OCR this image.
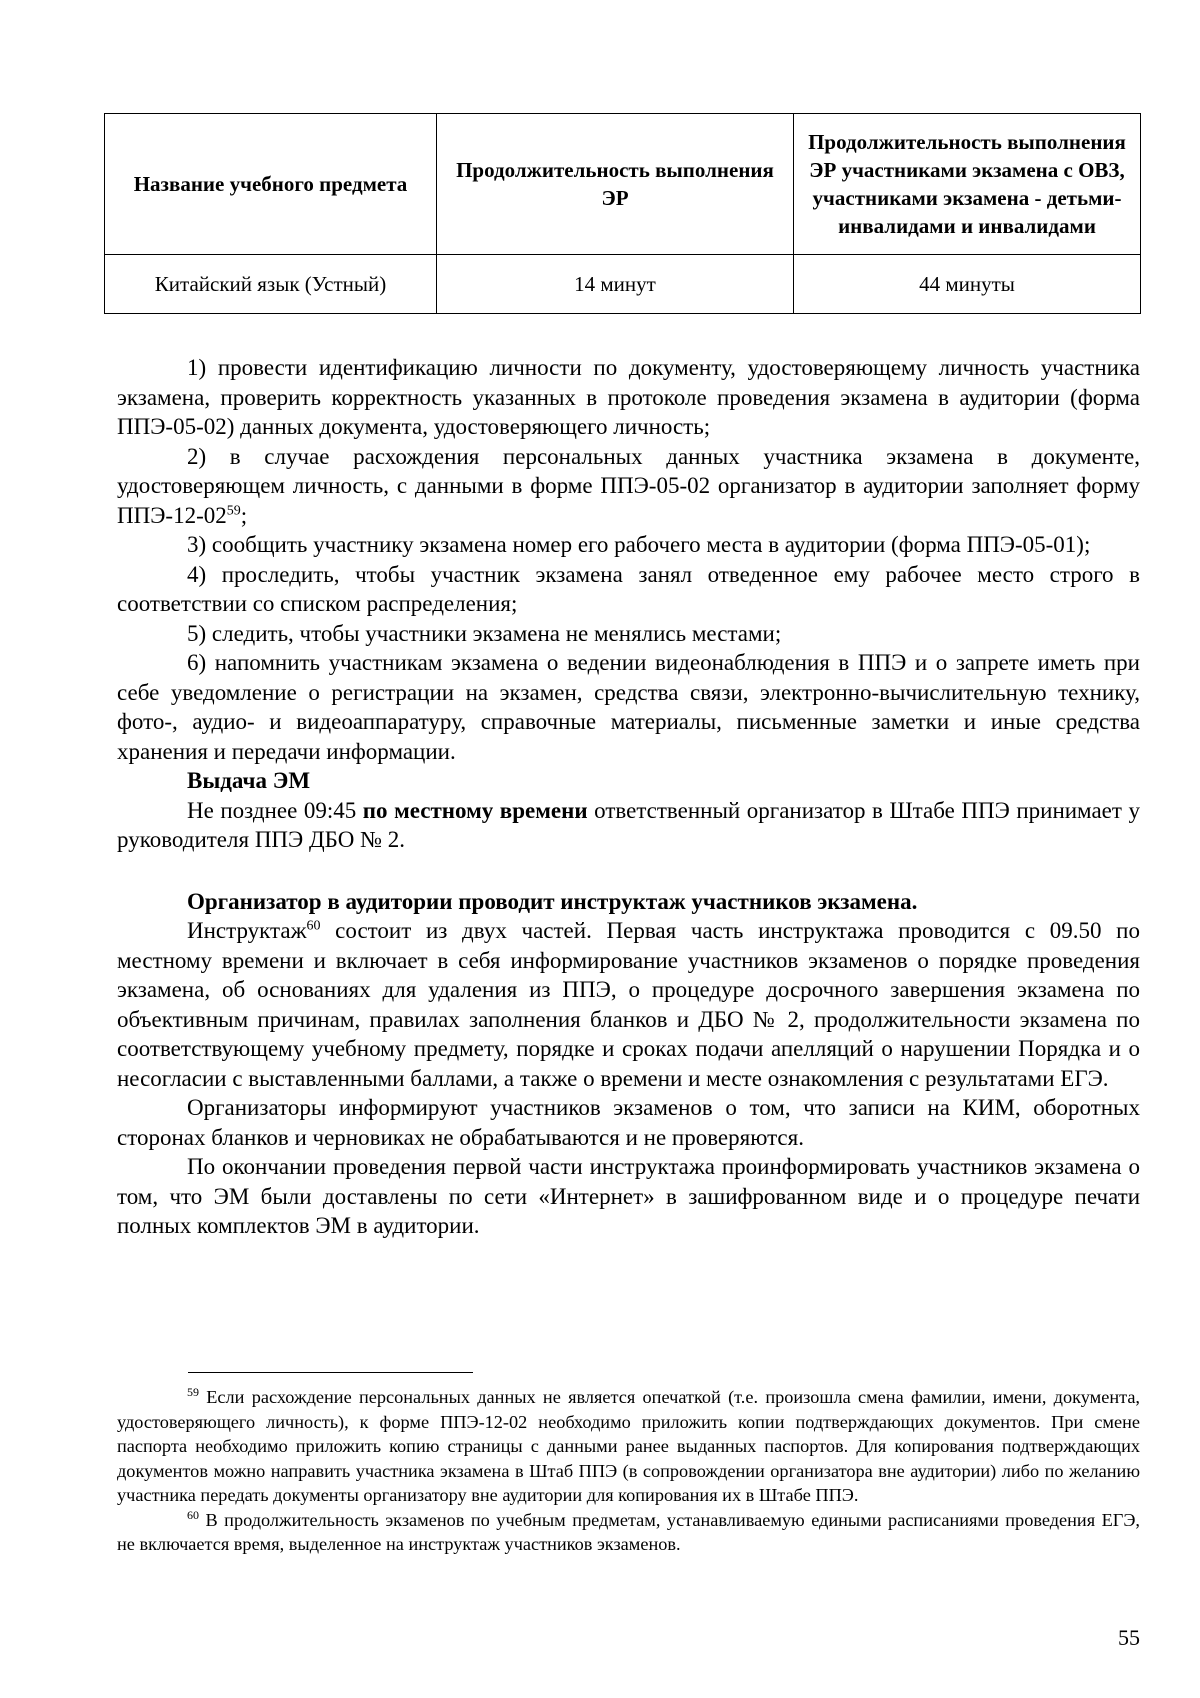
Название учебного предмета	Продолжительность выполнения ЭР	Продолжительность выполнения ЭР участниками экзамена с ОВЗ, участниками экзамена - детьми-инвалидами и инвалидами
Китайский язык (Устный)	14 минут	44 минуты

1) провести идентификацию личности по документу, удостоверяющему личность участника экзамена, проверить корректность указанных в протоколе проведения экзамена в аудитории (форма ППЭ-05-02) данных документа, удостоверяющего личность;

2) в случае расхождения персональных данных участника экзамена в документе, удостоверяющем личность, с данными в форме ППЭ-05-02 организатор в аудитории заполняет форму ППЭ-$12-02^{59}$;

3) сообщить участнику экзамена номер его рабочего места в аудитории (форма ППЭ-05-01);

4) проследить, чтобы участник экзамена занял отведенное ему рабочее место строго в соответствии со списком распределения;

5) следить, чтобы участники экзамена не менялись местами;

6) напомнить участникам экзамена о ведении видеонаблюдения в ППЭ и о запрете иметь при себе уведомление о регистрации на экзамен, средства связи, электронно-вычислительную технику, фото-, аудио- и видеоаппаратуру, справочные материалы, письменные заметки и иные средства хранения и передачи информации.

Выдача ЭМ

Не позднее 09:45 по местному времени ответственный организатор в Штабе ППЭ принимает у руководителя ППЭ ДБО № 2.

Организатор в аудитории проводит инструктаж участников экзамена.

Инструктаж$^{60}$ состоит из двух частей. Первая часть инструктажа проводится с 09.50 по местному времени и включает в себя информирование участников экзаменов о порядке проведения экзамена, об основаниях для удаления из ППЭ, о процедуре досрочного завершения экзамена по объективным причинам, правилах заполнения бланков и ДБО № 2, продолжительности экзамена по соответствующему учебному предмету, порядке и сроках подачи апелляций о нарушении Порядка и о несогласии с выставленными баллами, а также о времени и месте ознакомления с результатами ЕГЭ.

Организаторы информируют участников экзаменов о том, что записи на КИМ, оборотных сторонах бланков и черновиках не обрабатываются и не проверяются.

По окончании проведения первой части инструктажа проинформировать участников экзамена о том, что ЭМ были доставлены по сети «Интернет» в зашифрованном виде и о процедуре печати полных комплектов ЭМ в аудитории.

$^{59}$ Если расхождение персональных данных не является опечаткой (т.е. произошла смена фамилии, имени, документа, удостоверяющего личность), к форме ППЭ-12-02 необходимо приложить копии подтверждающих документов. При смене паспорта необходимо приложить копию страницы с данными ранее выданных паспортов. Для копирования подтверждающих документов можно направить участника экзамена в Штаб ППЭ (в сопровождении организатора вне аудитории) либо по желанию участника передать документы организатору вне аудитории для копирования их в Штабе ППЭ.

$^{60}$ В продолжительность экзаменов по учебным предметам, устанавливаемую едиными расписаниями проведения ЕГЭ, не включается время, выделенное на инструктаж участников экзаменов.

55
